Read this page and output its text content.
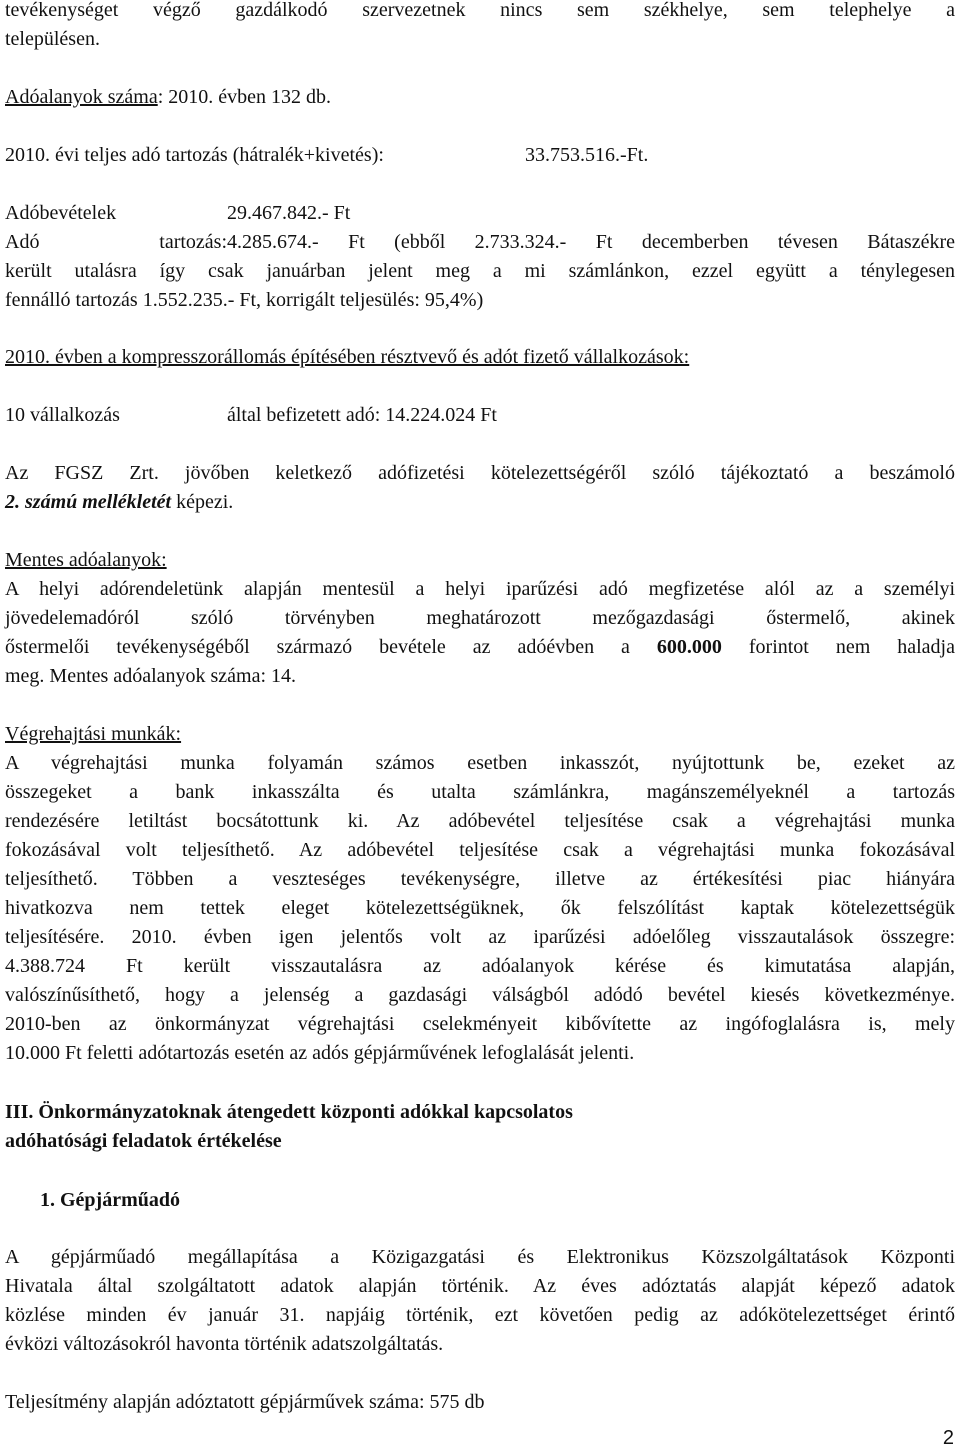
tevékenységet végző gazdálkodó szervezetnek nincs sem székhelye, sem telephelye a
településen.
Adóalanyok száma: 2010. évben 132 db.
2010. évi teljes adó tartozás (hátralék+kivetés):	33.753.516.-Ft.
Adóbevételek	29.467.842.- Ft
Adó tartozás:4.285.674.- Ft (ebből 2.733.324.- Ft decemberben tévesen Bátaszékre
került utalásra így csak januárban jelent meg a mi számlánkon, ezzel együtt a ténylegesen
fennálló tartozás 1.552.235.- Ft, korrigált teljesülés: 95,4%)
2010. évben a kompresszorállomás építésében résztvevő és adót fizető vállalkozások:
10 vállalkozás	által befizetett adó: 14.224.024 Ft
Az FGSZ Zrt. jövőben keletkező adófizetési kötelezettségéről szóló tájékoztató a beszámoló
2. számú mellékletét képezi.
Mentes adóalanyok:
A helyi adórendeletünk alapján mentesül a helyi iparűzési adó megfizetése alól az a személyi
jövedelemadóról szóló törvényben meghatározott mezőgazdasági őstermelő, akinek
őstermelői tevékenységéből származó bevétele az adóévben a 600.000 forintot nem haladja
meg. Mentes adóalanyok száma: 14.
Végrehajtási munkák:
A végrehajtási munka folyamán számos esetben inkasszót, nyújtottunk be, ezeket az
összegeket a bank inkasszálta és utalta számlánkra, magánszemélyeknél a tartozás
rendezésére letiltást bocsátottunk ki. Az adóbevétel teljesítése csak a végrehajtási munka
fokozásával volt teljesíthető. Az adóbevétel teljesítése csak a végrehajtási munka fokozásával
teljesíthető. Többen a veszteséges tevékenységre, illetve az értékesítési piac hiányára
hivatkozva nem tettek eleget kötelezettségüknek, ők felszólítást kaptak kötelezettségük
teljesítésére. 2010. évben igen jelentős volt az iparűzési adóelőleg visszautalások összegre:
4.388.724 Ft került visszautalásra az adóalanyok kérése és kimutatása alapján,
valószínűsíthető, hogy a jelenség a gazdasági válságból adódó bevétel kiesés következménye.
2010-ben az önkormányzat végrehajtási cselekményeit kibővítette az ingófoglalásra is, mely
10.000 Ft feletti adótartozás esetén az adós gépjárművének lefoglalását jelenti.
III. Önkormányzatoknak átengedett központi adókkal kapcsolatos
adóhatósági feladatok értékelése
1. Gépjárműadó
A gépjárműadó megállapítása a Közigazgatási és Elektronikus Közszolgáltatások Központi
Hivatala által szolgáltatott adatok alapján történik. Az éves adóztatás alapját képező adatok
közlése minden év január 31. napjáig történik, ezt követően pedig az adókötelezettséget érintő
évközi változásokról havonta történik adatszolgáltatás.
Teljesítmény alapján adóztatott gépjárművek száma: 575 db
2
